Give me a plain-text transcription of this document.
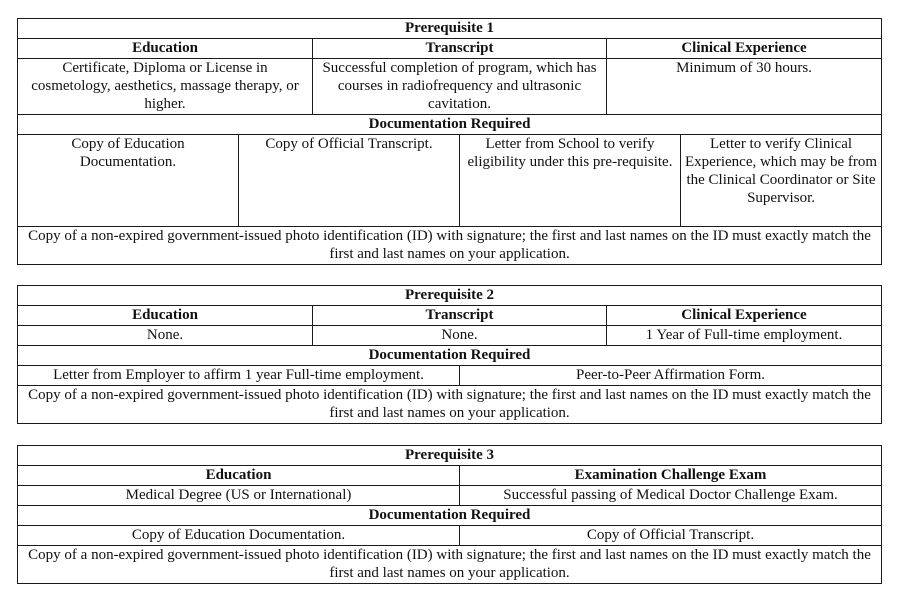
Prerequisite 1					
Education		Transcript		Clinical Experience	
Certificate, Diploma or License in cosmetology, aesthetics, massage therapy, or higher.		Successful completion of program, which has courses in radiofrequency and ultrasonic cavitation.		Minimum of 30 hours.	
Documentation Required					
Copy of Education Documentation.	Copy of Official Transcript.		Letter from School to verify eligibility under this pre-requisite.		Letter to verify Clinical Experience, which may be from the Clinical Coordinator or Site Supervisor.
Copy of a non-expired government-issued photo identification (ID) with signature; the first and last names on the ID must exactly match the first and last names on your application.					
Prerequisite 2			
Education	Transcript		Clinical Experience
None.	None.		1 Year of Full-time employment.
Documentation Required			
Letter from Employer to affirm 1 year Full-time employment.		Peer-to-Peer Affirmation Form.	
Copy of a non-expired government-issued photo identification (ID) with signature; the first and last names on the ID must exactly match the first and last names on your application.			
Prerequisite 3	
Education	Examination Challenge Exam
Medical Degree (US or International)	Successful passing of Medical Doctor Challenge Exam.
Documentation Required	
Copy of Education Documentation.	Copy of Official Transcript.
Copy of a non-expired government-issued photo identification (ID) with signature; the first and last names on the ID must exactly match the first and last names on your application.	
